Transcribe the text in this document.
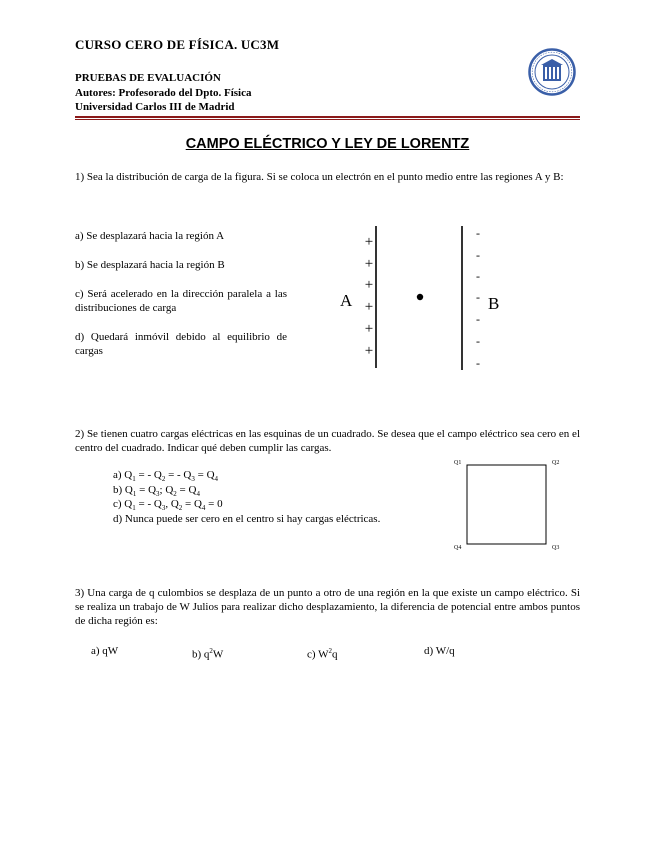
CURSO CERO DE FÍSICA. UC3M
PRUEBAS DE EVALUACIÓN
Autores: Profesorado del Dpto. Física
Universidad Carlos III de Madrid
CAMPO ELÉCTRICO Y LEY DE LORENTZ
1) Sea la distribución de carga de la figura. Si se coloca un electrón en el punto medio entre las regiones A y B:
a) Se desplazará hacia la región A
b) Se desplazará hacia la región B
c) Será acelerado en la dirección paralela a las distribuciones de carga
d) Quedará inmóvil debido al equilibrio de cargas
+
+
+
+
+
+
-
-
-
-
-
-
-
A	B
2) Se tienen cuatro cargas eléctricas en las esquinas de un cuadrado. Se desea que el campo eléctrico sea cero en el centro del cuadrado. Indicar qué deben cumplir las cargas.
a) $Q_1$ = - $Q_2$ = - $Q_3 = Q_4$
b) $Q_1 = Q_3$; $Q_2 = Q_4$
c) $Q_1$ = - $Q_3$, $Q_2 = Q_4 = 0$
d) Nunca puede ser cero en el centro si hay cargas eléctricas.
Q1	Q2
Q3
Q4
3) Una carga de q culombios se desplaza de un punto a otro de una región en la que existe un campo eléctrico. Si se realiza un trabajo de W Julios para realizar dicho desplazamiento, la diferencia de potencial entre ambos puntos de dicha región es:
a) qW	b) $q^2W$	c) $W^2q$	d) W/q
